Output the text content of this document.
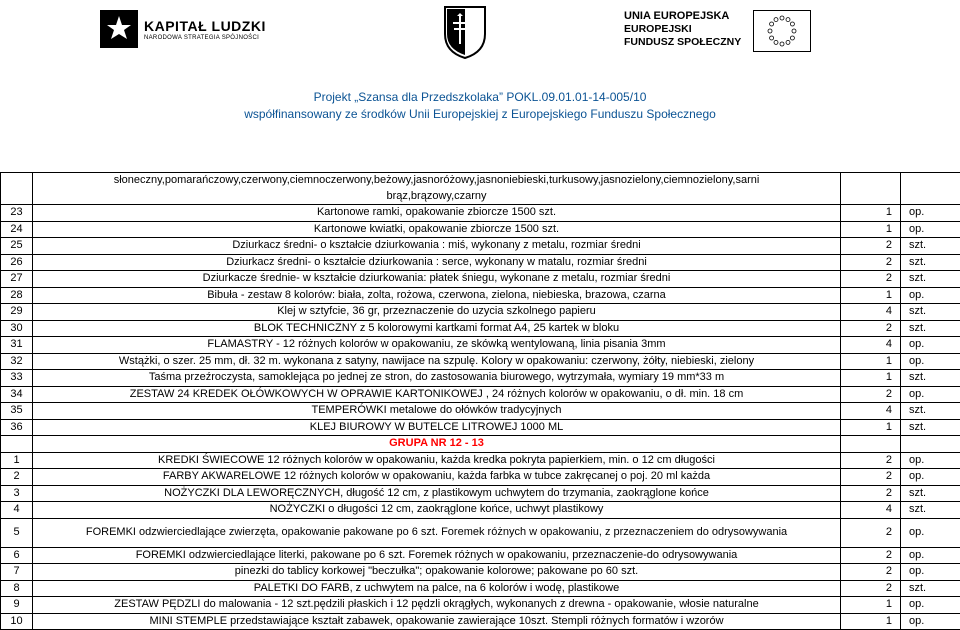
KAPITAŁ LUDZKI
NARODOWA STRATEGIA SPÓJNOŚCI
UNIA EUROPEJSKA
EUROPEJSKI
FUNDUSZ SPOŁECZNY
Projekt „Szansa dla Przedszkolaka” POKL.09.01.01-14-005/10
współfinansowany ze środków Unii Europejskiej z Europejskiego Funduszu Społecznego
	słoneczny,pomarańczowy,czerwony,ciemnoczerwony,beżowy,jasnoróżowy,jasnoniebieski,turkusowy,jasnozielony,ciemnozielony,sarni		
	brąz,brązowy,czarny		
23	Kartonowe ramki, opakowanie zbiorcze 1500 szt.	1	op.
24	Kartonowe kwiatki, opakowanie zbiorcze 1500 szt.	1	op.
25	Dziurkacz średni- o kształcie dziurkowania : miś, wykonany z metalu, rozmiar średni	2	szt.
26	Dziurkacz średni- o kształcie dziurkowania : serce, wykonany w matalu, rozmiar średni	2	szt.
27	Dziurkacze średnie- w kształcie dziurkowania: płatek śniegu, wykonane z metalu, rozmiar średni	2	szt.
28	Bibuła - zestaw 8 kolorów: biała, zolta, rożowa, czerwona, zielona, niebieska, brazowa, czarna	1	op.
29	Klej w sztyfcie, 36 gr, przeznaczenie do uzycia szkolnego papieru	4	szt.
30	BLOK TECHNICZNY z 5 kolorowymi kartkami format A4, 25 kartek w bloku	2	szt.
31	FLAMASTRY - 12 różnych kolorów w opakowaniu, ze skówką wentylowaną, linia pisania 3mm	4	op.
32	Wstążki, o szer. 25 mm, dł. 32 m. wykonana z satyny, nawijace na szpulę. Kolory w opakowaniu: czerwony, żółty, niebieski, zielony	1	op.
33	Taśma przeźroczysta, samoklejąca po jednej ze stron, do zastosowania biurowego, wytrzymała, wymiary 19 mm*33 m	1	szt.
34	ZESTAW 24 KREDEK OŁÓWKOWYCH W OPRAWIE KARTONIKOWEJ , 24 różnych kolorów w opakowaniu, o dł. min. 18 cm	2	op.
35	TEMPERÓWKI metalowe do ołówków tradycyjnych	4	szt.
36	KLEJ BIUROWY W BUTELCE LITROWEJ 1000 ML	1	szt.
	GRUPA NR 12 - 13		
1	KREDKI ŚWIECOWE 12 różnych kolorów w opakowaniu, każda kredka pokryta papierkiem, min. o 12 cm długości	2	op.
2	FARBY AKWARELOWE 12 różnych kolorów w opakowaniu, każda farbka w tubce zakręcanej o poj. 20 ml każda	2	op.
3	NOŻYCZKI DLA LEWORĘCZNYCH, długość 12 cm, z plastikowym uchwytem do trzymania, zaokrąglone końce	2	szt.
4	NOŻYCZKI o długości 12 cm, zaokrąglone końce, uchwyt plastikowy	4	szt.
5	FOREMKI odzwierciedlające zwierzęta, opakowanie pakowane po 6 szt. Foremek różnych w opakowaniu, z przeznaczeniem do odrysowywania	2	op.
6	FOREMKI odzwierciedlające literki, pakowane po 6 szt. Foremek różnych w opakowaniu, przeznaczenie-do odrysowywania	2	op.
7	pinezki do tablicy korkowej "beczułka"; opakowanie kolorowe; pakowane po 60 szt.	2	op.
8	PALETKI DO FARB, z uchwytem na palce, na 6 kolorów i wodę, plastikowe	2	szt.
9	ZESTAW PĘDZLI do malowania - 12 szt.pędzili płaskich i 12 pędzli okrągłych, wykonanych z drewna - opakowanie, włosie naturalne	1	op.
10	MINI STEMPLE przedstawiające kształt zabawek, opakowanie zawierające 10szt. Stempli różnych formatów i wzorów	1	op.
